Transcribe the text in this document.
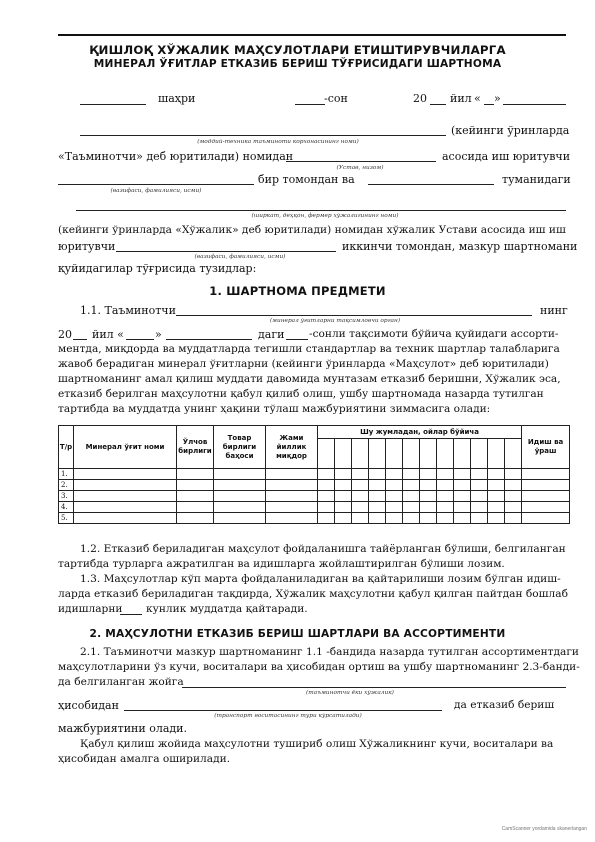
ҚИШЛОҚ ХЎЖАЛИК МАҲСУЛОТЛАРИ ЕТИШТИРУВЧИЛАРГА
МИНЕРАЛ ЎҒИТЛАР ЕТКАЗИБ БЕРИШ ТЎҒРИСИДАГИ ШАРТНОМА
шаҳри	-сон	20 йил « »
(кейинги ўринларда
(моддий-техника таъминоти корхонасининг номи)
«Таъминотчи» деб юритилади) номидан	асосида иш юритувчи
(Устав, низом)
бир томондан ва	туманидаги
(вазифаси, фамилияси, исми)
(ширкат, деҳқон, фермер хўжалигининг номи)
(кейинги ўринларда «Хўжалик» деб юритилади) номидан хўжалик Устави асосида иш иш
юритувчи	иккинчи томондан, мазкур шартномани
(вазифаси, фамилияси, исми)
қуйидагилар тўғрисида тузидлар:
1. ШАРТНОМА ПРЕДМЕТИ
1.1. Таъминотчи	нинг
(минерал ўғитларни тақсимловчи орган)
20 йил «	»	даги -сонли тақсимоти бўйича қуйидаги ассорти-
ментда, миқдорда ва муддатларда тегишли стандартлар ва техник шартлар талабларига
жавоб берадиган минерал ўғитларни (кейинги ўринларда «Маҳсулот» деб юритилади)
шартноманинг амал қилиш муддати давомида мунтазам етказиб беришни, Хўжалик эса,
етказиб берилган маҳсулотни қабул қилиб олиш, ушбу шартномада назарда тутилган
тартибда ва муддатда унинг ҳақини тўлаш мажбуриятини зиммасига олади:
Т/р	Минерал ўғит номи	Ўлчов бирлиги	Товар бирлиги баҳоси	Жами йиллик миқдор	Шу жумладан, ойлар бўйича												Идиш ва ўраш

1.																	
2.																	
3.																	
4.																	
5.																	
1.2. Етказиб бериладиган маҳсулот фойдаланишга тайёрланган бўлиши, белгиланган
тартибда турларга ажратилган ва идишларга жойлаштирилган бўлиши лозим.
1.3. Маҳсулотлар кўп марта фойдаланиладиган ва қайтарилиши лозим бўлган идиш-
ларда етказиб бериладиган тақдирда, Хўжалик маҳсулотни қабул қилган пайтдан бошлаб
идишларни кунлик муддатда қайтаради.
2. МАҲСУЛОТНИ ЕТКАЗИБ БЕРИШ ШАРТЛАРИ ВА АССОРТИМЕНТИ
2.1. Таъминотчи мазкур шартноманинг 1.1 -бандида назарда тутилган ассортиментдаги
маҳсулотларини ўз кучи, воситалари ва ҳисобидан ортиш ва ушбу шартноманинг 2.3-банди-
да белгиланган жойга
(таъминотчи ёки хўжалик)
ҳисобидан	да етказиб бериш
(транспорт воситасининг тури кўрсатилади)
мажбуриятини олади.
Қабул қилиш жойида маҳсулотни тушириб олиш Хўжаликнинг кучи, воситалари ва
ҳисобидан амалга оширилади.
CamScanner yordamida skanerlangan
